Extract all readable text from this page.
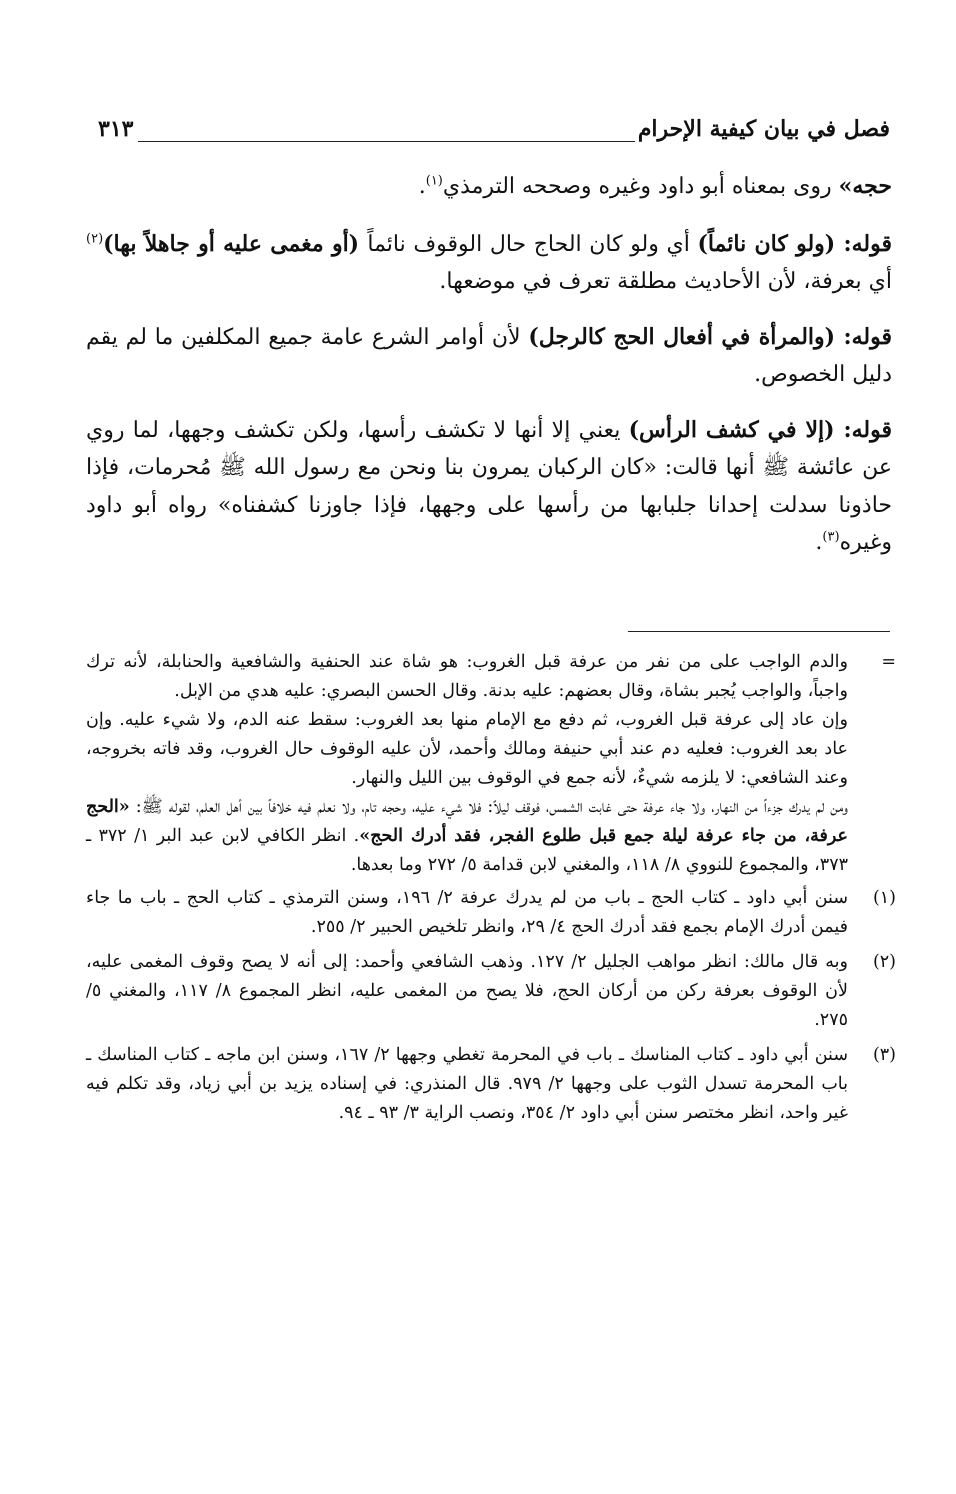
فصل في بيان كيفية الإحرام
٣١٣

حجه» روى بمعناه أبو داود وغيره وصححه الترمذي$^{(١)}$.

قوله: (ولو كان نائماً) أي ولو كان الحاج حال الوقوف نائماً (أو مغمى عليه أو جاهلاً بها)$^{(٢)}$ أي بعرفة، لأن الأحاديث مطلقة تعرف في موضعها.

قوله: (والمرأة في أفعال الحج كالرجل) لأن أوامر الشرع عامة جميع المكلفين ما لم يقم دليل الخصوص.

قوله: (إلا في كشف الرأس) يعني إلا أنها لا تكشف رأسها، ولكن تكشف وجهها، لما روي عن عائشة ﷺ أنها قالت: «كان الركبان يمرون بنا ونحن مع رسول الله ﷺ مُحرمات، فإذا حاذونا سدلت إحدانا جلبابها من رأسها على وجهها، فإذا جاوزنا كشفناه» رواه أبو داود وغيره$^{(٣)}$.

=
والدم الواجب على من نفر من عرفة قبل الغروب: هو شاة عند الحنفية والشافعية والحنابلة، لأنه ترك واجباً، والواجب يُجبر بشاة، وقال بعضهم: عليه بدنة. وقال الحسن البصري: عليه هدي من الإبل.
وإن عاد إلى عرفة قبل الغروب، ثم دفع مع الإمام منها بعد الغروب: سقط عنه الدم، ولا شيء عليه. وإن عاد بعد الغروب: فعليه دم عند أبي حنيفة ومالك وأحمد، لأن عليه الوقوف حال الغروب، وقد فاته بخروجه، وعند الشافعي: لا يلزمه شيءٌ، لأنه جمع في الوقوف بين الليل والنهار.
ومن لم يدرك جزءاً من النهار، ولا جاء عرفة حتى غابت الشمس، فوقف ليلاً: فلا شيء عليه، وحجه تام، ولا نعلم فيه خلافاً بين أهل العلم، لقوله ﷺ: «الحج عرفة، من جاء عرفة ليلة جمع قبل طلوع الفجر، فقد أدرك الحج». انظر الكافي لابن عبد البر ١/ ٣٧٢ ـ ٣٧٣، والمجموع للنووي ٨/ ١١٨، والمغني لابن قدامة ٥/ ٢٧٢ وما بعدها.
(١)
سنن أبي داود ـ كتاب الحج ـ باب من لم يدرك عرفة ٢/ ١٩٦، وسنن الترمذي ـ كتاب الحج ـ باب ما جاء فيمن أدرك الإمام بجمع فقد أدرك الحج ٤/ ٢٩، وانظر تلخيص الحبير ٢/ ٢٥٥.
(٢)
وبه قال مالك: انظر مواهب الجليل ٢/ ١٢٧. وذهب الشافعي وأحمد: إلى أنه لا يصح وقوف المغمى عليه، لأن الوقوف بعرفة ركن من أركان الحج، فلا يصح من المغمى عليه، انظر المجموع ٨/ ١١٧، والمغني ٥/ ٢٧٥.
(٣)
سنن أبي داود ـ كتاب المناسك ـ باب في المحرمة تغطي وجهها ٢/ ١٦٧، وسنن ابن ماجه ـ كتاب المناسك ـ باب المحرمة تسدل الثوب على وجهها ٢/ ٩٧٩. قال المنذري: في إسناده يزيد بن أبي زياد، وقد تكلم فيه غير واحد، انظر مختصر سنن أبي داود ٢/ ٣٥٤، ونصب الراية ٣/ ٩٣ ـ ٩٤.
